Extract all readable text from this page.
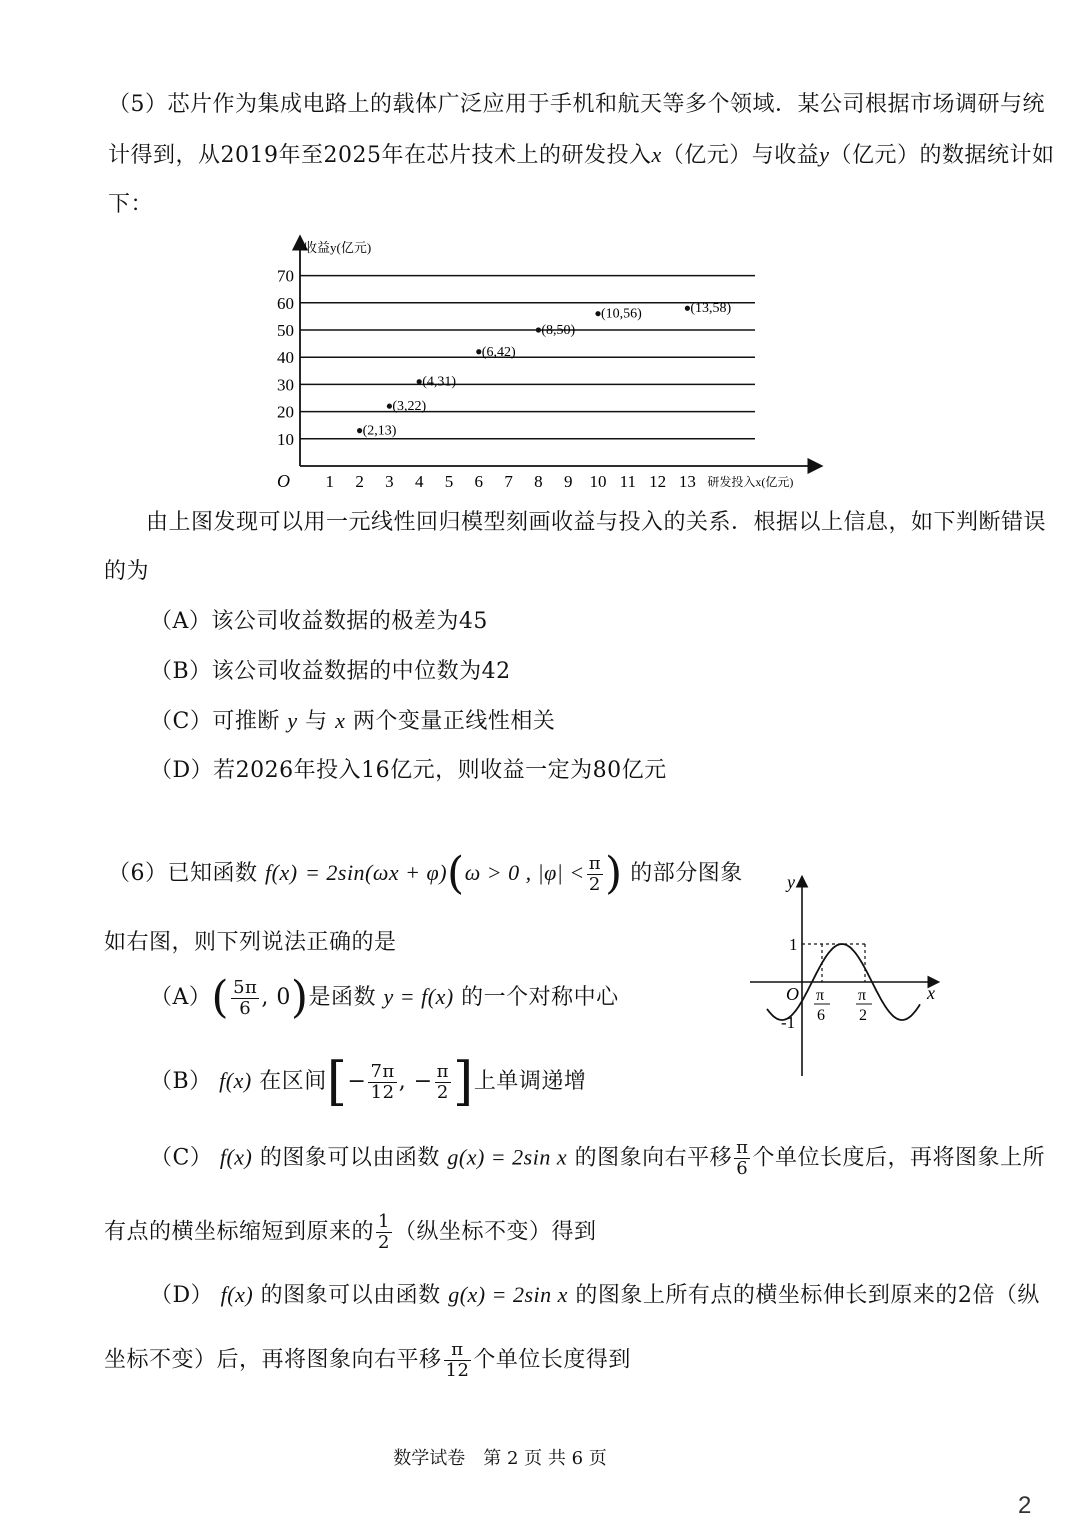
（5）芯片作为集成电路上的载体广泛应用于手机和航天等多个领域．某公司根据市场调研与统
计得到，从2019年至2025年在芯片技术上的研发投入x（亿元）与收益y（亿元）的数据统计如
下：
10
20
30
40
50
60
70
收益y(亿元)
研发投入x(亿元)
O 1 2 3 4 5 6 7 8 9 10 11 12 13
(2,13)
(3,22)
(4,31)
(6,42)
(8,50)
(10,56)	(13,58)
由上图发现可以用一元线性回归模型刻画收益与投入的关系．根据以上信息，如下判断错误
的为
（A）该公司收益数据的极差为45
（B）该公司收益数据的中位数为42
（C）可推断 y 与 x 两个变量正线性相关
（D）若2026年投入16亿元，则收益一定为80亿元
（6）已知函数 f(x) = 2sin(ωx + φ)(ω > 0 , $|\varphi| < \frac{\pi}{2}$ ) 的部分图象
如右图，则下列说法正确的是
$(A)( \frac{5\pi}{6}$ , 0)是函数 y = f(x) 的一个对称中心
（B） f(x) 在区间[− $\frac{7\pi}{12}$ , − $\frac{\pi}{2}$ ]上单调递增
（C） f(x) 的图象可以由函数 g(x) = 2sin x 的图象向右平移 $\frac{\pi}{6}$ 个单位长度后，再将图象上所
有点的横坐标缩短到原来的 $\frac{1}{2}$ （纵坐标不变）得到
（D） f(x) 的图象可以由函数 g(x) = 2sin x 的图象上所有点的横坐标伸长到原来的2倍（纵
坐标不变）后，再将图象向右平移 $\frac{\pi}{12}$ 个单位长度得到
y
x
O
1
-1
π
6
π
2
数学试卷　第 2 页 共 6 页
2
